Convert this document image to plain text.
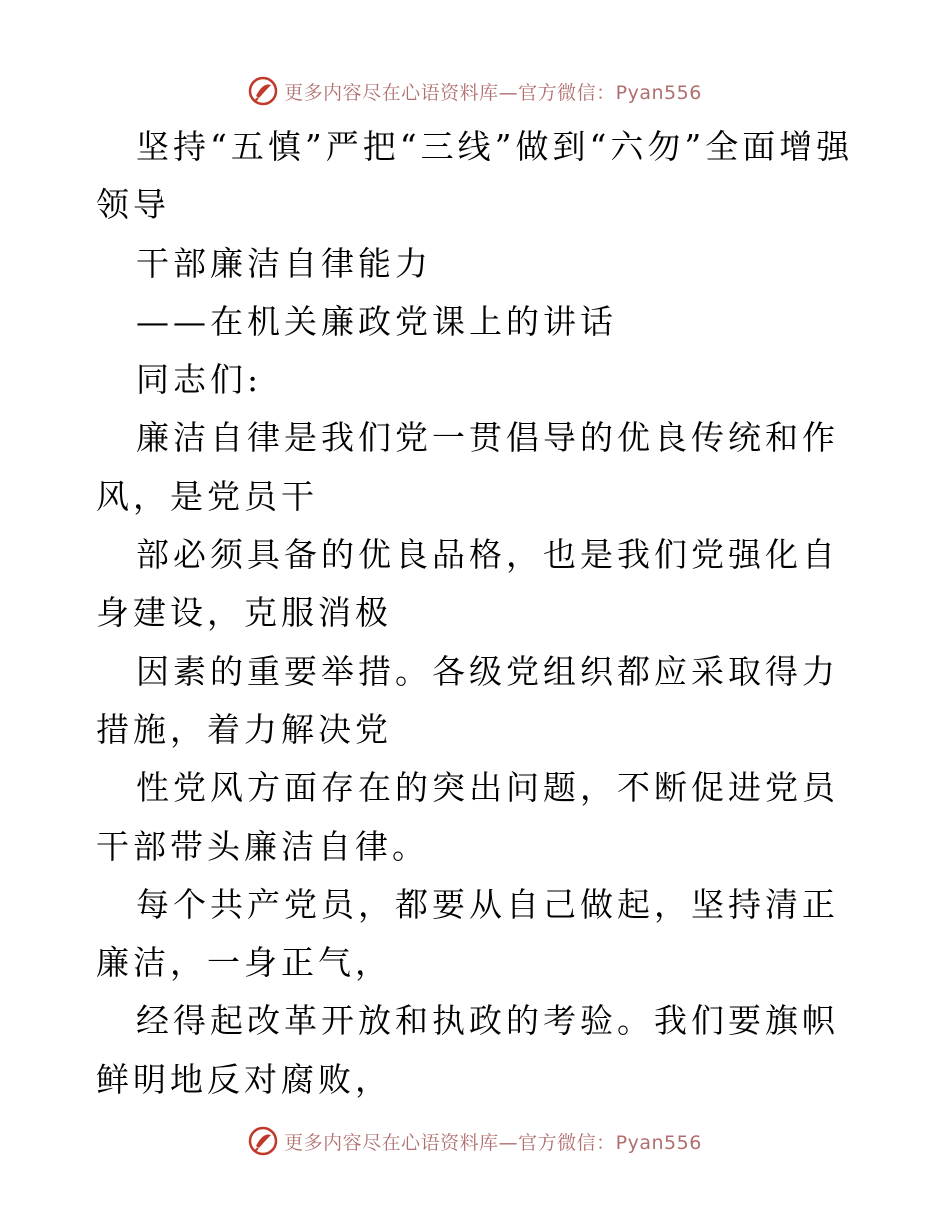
更多内容尽在心语资料库—官方微信：Pyan556

坚持“五慎”严把“三线”做到“六勿”全面增强领导

干部廉洁自律能力

——在机关廉政党课上的讲话

同志们:

廉洁自律是我们党一贯倡导的优良传统和作风，是党员干

部必须具备的优良品格，也是我们党强化自身建设，克服消极

因素的重要举措。各级党组织都应采取得力措施，着力解决党

性党风方面存在的突出问题，不断促进党员干部带头廉洁自律。

每个共产党员，都要从自己做起，坚持清正廉洁，一身正气，

经得起改革开放和执政的考验。我们要旗帜鲜明地反对腐败，

更多内容尽在心语资料库—官方微信：Pyan556
